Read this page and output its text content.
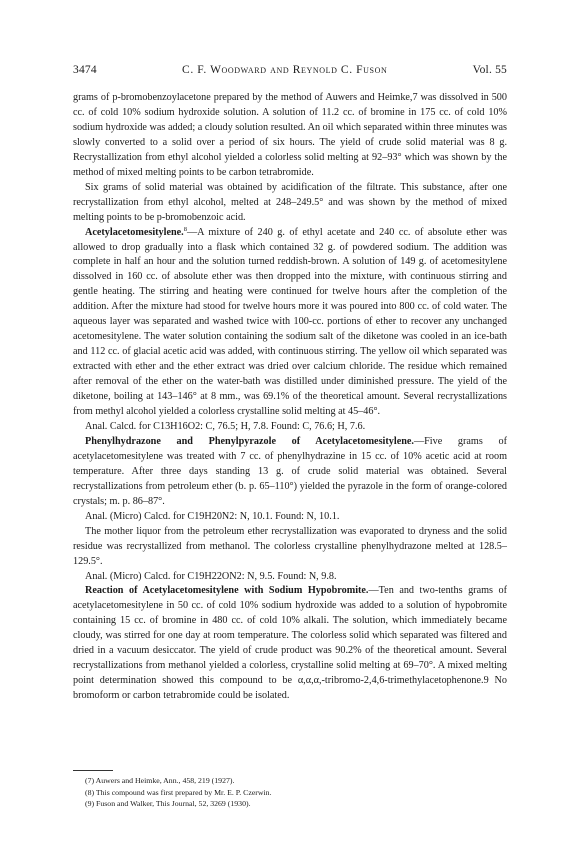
3474	C. F. Woodward and Reynold C. Fuson	Vol. 55

grams of p-bromobenzoylacetone prepared by the method of Auwers and Heimke,7 was dissolved in 500 cc. of cold 10% sodium hydroxide solution. A solution of 11.2 cc. of bromine in 175 cc. of cold 10% sodium hydroxide was added; a cloudy solution resulted. An oil which separated within three minutes was slowly converted to a solid over a period of six hours. The yield of crude solid material was 8 g. Recrystallization from ethyl alcohol yielded a colorless solid melting at 92–93° which was shown by the method of mixed melting points to be carbon tetrabromide.

Six grams of solid material was obtained by acidification of the filtrate. This substance, after one recrystallization from ethyl alcohol, melted at 248–249.5° and was shown by the method of mixed melting points to be p-bromobenzoic acid.

Acetylacetomesitylene.$^8$—A mixture of 240 g. of ethyl acetate and 240 cc. of absolute ether was allowed to drop gradually into a flask which contained 32 g. of powdered sodium. The addition was complete in half an hour and the solution turned reddish-brown. A solution of 149 g. of acetomesitylene dissolved in 160 cc. of absolute ether was then dropped into the mixture, with continuous stirring and gentle heating. The stirring and heating were continued for twelve hours after the completion of the addition. After the mixture had stood for twelve hours more it was poured into 800 cc. of cold water. The aqueous layer was separated and washed twice with 100-cc. portions of ether to recover any unchanged acetomesitylene. The water solution containing the sodium salt of the diketone was cooled in an ice-bath and 112 cc. of glacial acetic acid was added, with continuous stirring. The yellow oil which separated was extracted with ether and the ether extract was dried over calcium chloride. The residue which remained after removal of the ether on the water-bath was distilled under diminished pressure. The yield of the diketone, boiling at 143–146° at 8 mm., was 69.1% of the theoretical amount. Several recrystallizations from methyl alcohol yielded a colorless crystalline solid melting at 45–46°.

Anal. Calcd. for C13H16O2: C, 76.5; H, 7.8. Found: C, 76.6; H, 7.6.

Phenylhydrazone and Phenylpyrazole of Acetylacetomesitylene.—Five grams of acetylacetomesitylene was treated with 7 cc. of phenylhydrazine in 15 cc. of 10% acetic acid at room temperature. After three days standing 13 g. of crude solid material was obtained. Several recrystallizations from petroleum ether (b. p. 65–110°) yielded the pyrazole in the form of orange-colored crystals; m. p. 86–87°.

Anal. (Micro) Calcd. for C19H20N2: N, 10.1. Found: N, 10.1.

The mother liquor from the petroleum ether recrystallization was evaporated to dryness and the solid residue was recrystallized from methanol. The colorless crystalline phenylhydrazone melted at 128.5–129.5°.

Anal. (Micro) Calcd. for C19H22ON2: N, 9.5. Found: N, 9.8.

Reaction of Acetylacetomesitylene with Sodium Hypobromite.—Ten and two-tenths grams of acetylacetomesitylene in 50 cc. of cold 10% sodium hydroxide was added to a solution of hypobromite containing 15 cc. of bromine in 480 cc. of cold 10% alkali. The solution, which immediately became cloudy, was stirred for one day at room temperature. The colorless solid which separated was filtered and dried in a vacuum desiccator. The yield of crude product was 90.2% of the theoretical amount. Several recrystallizations from methanol yielded a colorless, crystalline solid melting at 69–70°. A mixed melting point determination showed this compound to be α,α,α,-tribromo-2,4,6-trimethylacetophenone.9 No bromoform or carbon tetrabromide could be isolated.

(7) Auwers and Heimke, Ann., 458, 219 (1927).
(8) This compound was first prepared by Mr. E. P. Czerwin.
(9) Fuson and Walker, This Journal, 52, 3269 (1930).
